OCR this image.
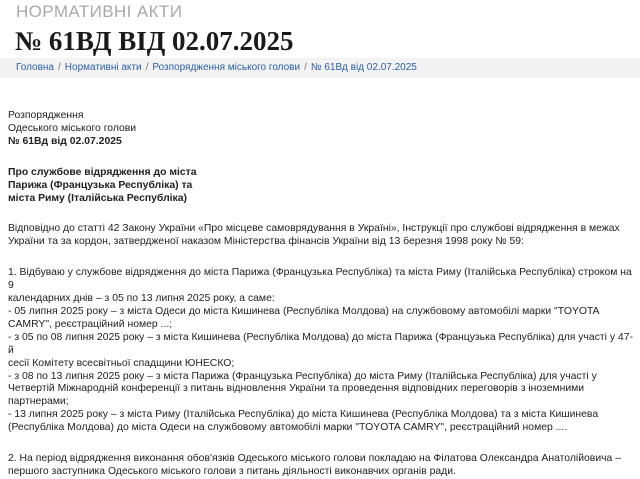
НОРМАТИВНІ АКТИ
№ 61ВД ВІД 02.07.2025
Головна / Нормативні акти / Розпорядження міського голови / № 61Вд від 02.07.2025

Розпорядження

Одеського міського голови

№ 61Вд від 02.07.2025

Про службове відрядження до міста

Парижа (Французька Республіка) та

міста Риму (Італійська Республіка)

Відповідно до статті 42 Закону України «Про місцеве самоврядування в Україні», Інструкції про службові відрядження в межах

України та за кордон, затвердженої наказом Міністерства фінансів України від 13 березня 1998 року № 59:

1. Відбуваю у службове відрядження до міста Парижа (Французька Республіка) та міста Риму (Італійська Республіка) строком на 9

календарних днів – з 05 по 13 липня 2025 року, а саме:

- 05 липня 2025 року – з міста Одеси до міста Кишинева (Республіка Молдова) на службовому автомобілі марки "TOYOTA

CAMRY", реєстраційний номер ...;

- з 05 по 08 липня 2025 року – з міста Кишинева (Республіка Молдова) до міста Парижа (Французька Республіка) для участі у 47-й

сесії Комітету всесвітньої спадщини ЮНЕСКО;

- з 08 по 13 липня 2025 року – з міста Парижа (Французька Республіка) до міста Риму (Італійська Республіка) для участі у

Четвертій Міжнародній конференції з питань відновлення України та проведення відповідних переговорів з іноземними

партнерами;

- 13 липня 2025 року – з міста Риму (Італійська Республіка) до міста Кишинева (Республіка Молдова) та з міста Кишинева

(Республіка Молдова) до міста Одеси на службовому автомобілі марки "TOYOTA CAMRY", реєстраційний номер ....

2. На період відрядження виконання обов'язків Одеського міського голови покладаю на Філатова Олександра Анатолійовича –

першого заступника Одеського міського голови з питань діяльності виконавчих органів ради.
